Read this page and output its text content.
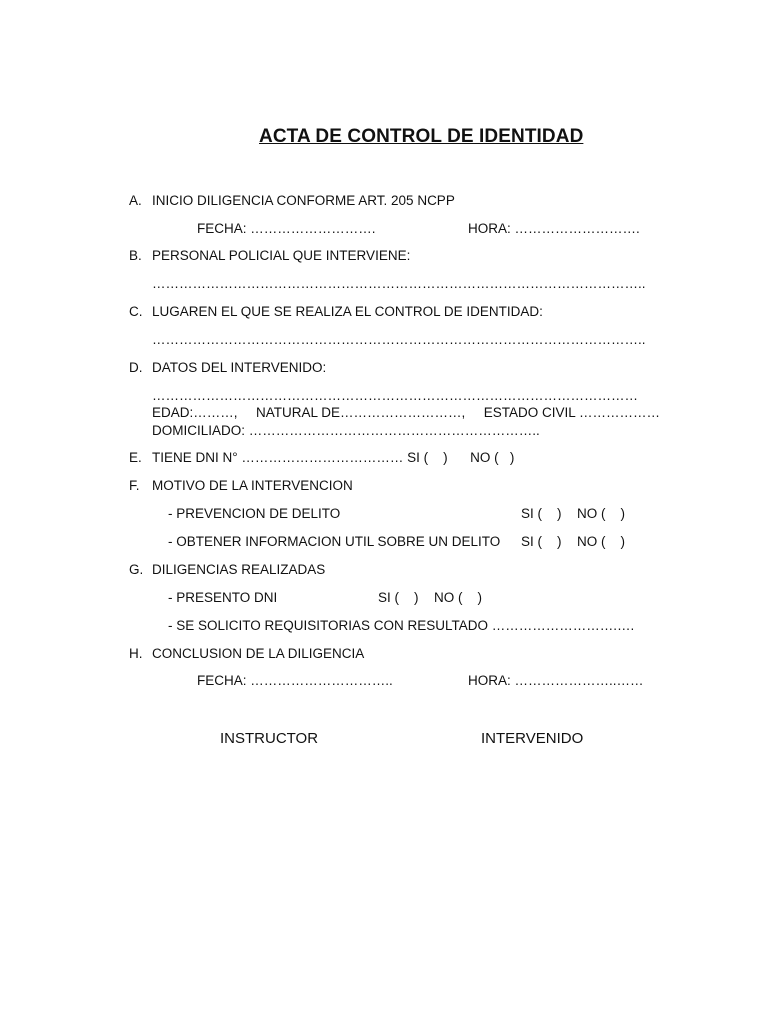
ACTA DE CONTROL DE IDENTIDAD
A. INICIO DILIGENCIA CONFORME ART. 205 NCPP
FECHA: ……………………….	HORA: ……………………….
B. PERSONAL POLICIAL QUE INTERVIENE:
………………………………………………………………………………………………..
C. LUGAREN EL QUE SE REALIZA EL CONTROL DE IDENTIDAD:
………………………………………………………………………………………………..
D. DATOS DEL INTERVENIDO:
………………………………………………………………………………………………
EDAD:………, NATURAL DE………………………, ESTADO CIVIL ………………
DOMICILIADO: ………………………………………………………..
E. TIENE DNI N° ……………………………… SI (    )      NO (   )
F. MOTIVO DE LA INTERVENCION
- PREVENCION DE DELITO	SI (    ) NO (    )
- OBTENER INFORMACION UTIL SOBRE UN DELITO SI (    ) NO (    )
G. DILIGENCIAS REALIZADAS
- PRESENTO DNI	SI (    ) NO (    )
- SE SOLICITO REQUISITORIAS CON RESULTADO ……………………….….
H. CONCLUSION DE LA DILIGENCIA
FECHA: …………………………..	HORA: …………………..……
INSTRUCTOR	INTERVENIDO
